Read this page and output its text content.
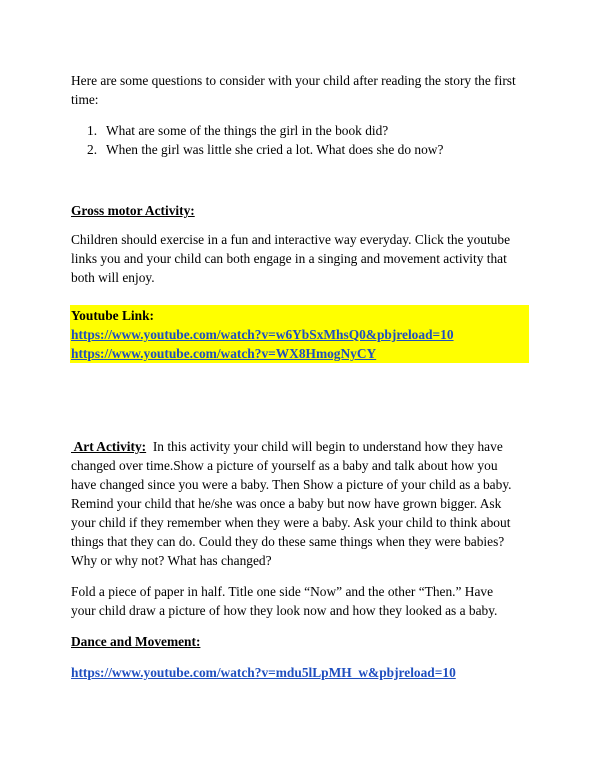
Here are some questions to consider with your child after reading the story the first
time:

1. What are some of the things the girl in the book did?
2. When the girl was little she cried a lot. What does she do now?
Gross motor Activity:

Children should exercise in a fun and interactive way everyday. Click the youtube
links you and your child can both engage in a singing and movement activity that
both will enjoy.

Youtube Link:
https://www.youtube.com/watch?v=w6YbSxMhsQ0&pbjreload=10
https://www.youtube.com/watch?v=WX8HmogNyCY

Art Activity:  In this activity your child will begin to understand how they have
changed over time.Show a picture of yourself as a baby and talk about how you
have changed since you were a baby. Then Show a picture of your child as a baby.
Remind your child that he/she was once a baby but now have grown bigger. Ask
your child if they remember when they were a baby. Ask your child to think about
things that they can do. Could they do these same things when they were babies?
Why or why not? What has changed?

Fold a piece of paper in half. Title one side “Now” and the other “Then.” Have
your child draw a picture of how they look now and how they looked as a baby.

Dance and Movement:
https://www.youtube.com/watch?v=mdu5lLpMH_w&pbjreload=10
